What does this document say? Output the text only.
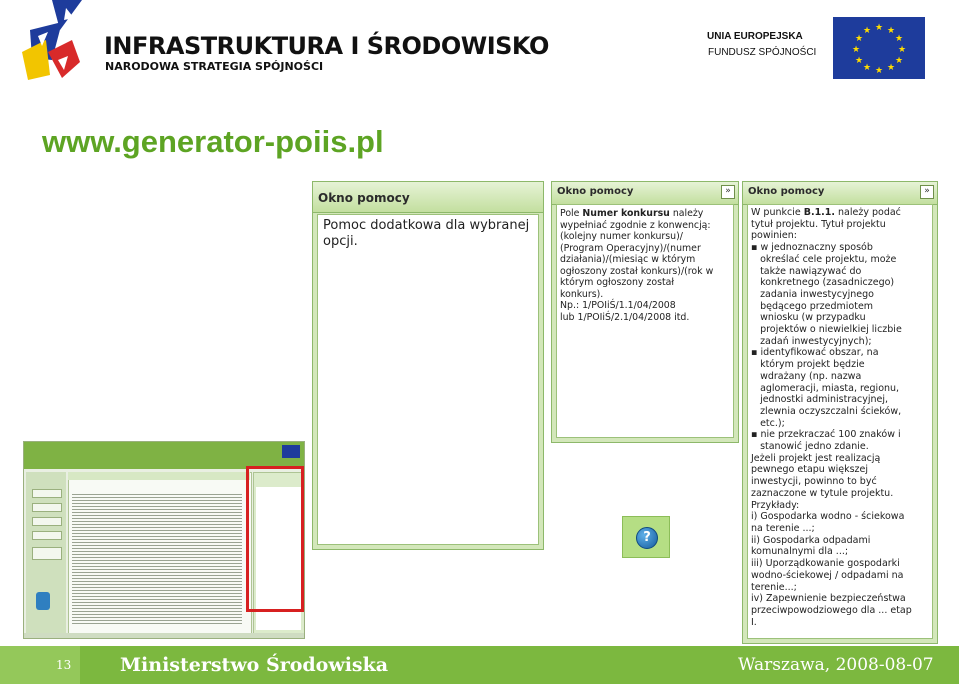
INFRASTRUKTURA I ŚRODOWISKO
NARODOWA STRATEGIA SPÓJNOŚCI
UNIA EUROPEJSKA
FUNDUSZ SPÓJNOŚCI
★ ★
★
★
★
★
★
★
★
★
★
★
www.generator-poiis.pl
Okno pomocy
Pomoc dodatkowa dla wybranej
opcji.
Okno pomocy	»
Pole Numer konkursu należy
wypełniać zgodnie z konwencją:
(kolejny numer konkursu)/
(Program Operacyjny)/(numer
działania)/(miesiąc w którym
ogłoszony został konkurs)/(rok w
którym ogłoszony został
konkurs).
Np.: 1/POIiŚ/1.1/04/2008
lub 1/POIiŚ/2.1/04/2008 itd.
Okno pomocy	»
W punkcie B.1.1. należy podać
tytuł projektu. Tytuł projektu
powinien:
▪ w jednoznaczny sposób
określać cele projektu, może
także nawiązywać do
konkretnego (zasadniczego)
zadania inwestycyjnego
będącego przedmiotem
wniosku (w przypadku
projektów o niewielkiej liczbie
zadań inwestycyjnych);
▪ identyfikować obszar, na
którym projekt będzie
wdrażany (np. nazwa
aglomeracji, miasta, regionu,
jednostki administracyjnej,
zlewnia oczyszczalni ścieków,
etc.);
▪ nie przekraczać 100 znaków i
stanowić jedno zdanie.
Jeżeli projekt jest realizacją
pewnego etapu większej
inwestycji, powinno to być
zaznaczone w tytule projektu.
Przykłady:
i) Gospodarka wodno - ściekowa
na terenie ...;
ii) Gospodarka odpadami
komunalnymi dla ...;
iii) Uporządkowanie gospodarki
wodno-ściekowej / odpadami na
terenie...;
iv) Zapewnienie bezpieczeństwa
przeciwpowodziowego dla ... etap
I.
?
13	Ministerstwo Środowiska	Warszawa, 2008-08-07
